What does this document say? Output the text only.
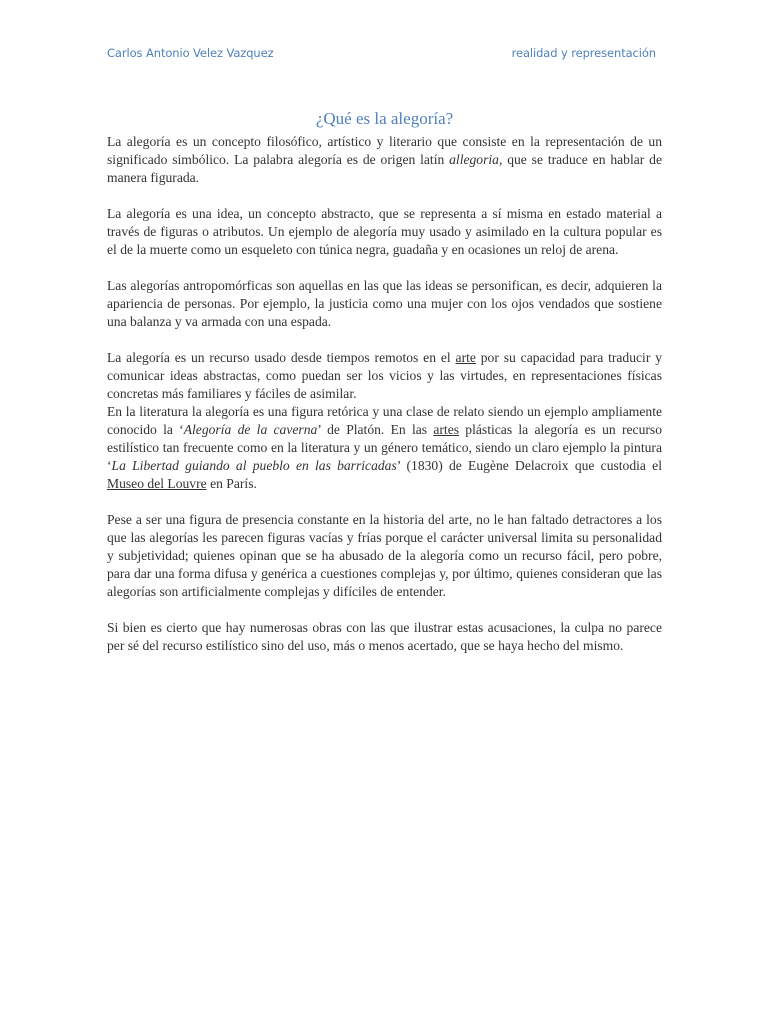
Carlos Antonio Velez Vazquez	realidad y representación
¿Qué es la alegoría?

La alegoría es un concepto filosófico, artístico y literario que consiste en la representación de un significado simbólico. La palabra alegoría es de origen latín allegoria, que se traduce en hablar de manera figurada.

La alegoría es una idea, un concepto abstracto, que se representa a sí misma en estado material a través de figuras o atributos. Un ejemplo de alegoría muy usado y asimilado en la cultura popular es el de la muerte como un esqueleto con túnica negra, guadaña y en ocasiones un reloj de arena.

Las alegorías antropomórficas son aquellas en las que las ideas se personifican, es decir, adquieren la apariencia de personas. Por ejemplo, la justicia como una mujer con los ojos vendados que sostiene una balanza y va armada con una espada.

La alegoría es un recurso usado desde tiempos remotos en el arte por su capacidad para traducir y comunicar ideas abstractas, como puedan ser los vicios y las virtudes, en representaciones físicas concretas más familiares y fáciles de asimilar.

En la literatura la alegoría es una figura retórica y una clase de relato siendo un ejemplo ampliamente conocido la ‘Alegoría de la caverna’ de Platón. En las artes plásticas la alegoría es un recurso estilístico tan frecuente como en la literatura y un género temático, siendo un claro ejemplo la pintura ‘La Libertad guiando al pueblo en las barricadas’ (1830) de Eugène Delacroix que custodia el Museo del Louvre en París.

Pese a ser una figura de presencia constante en la historia del arte, no le han faltado detractores a los que las alegorías les parecen figuras vacías y frías porque el carácter universal limita su personalidad y subjetividad; quienes opinan que se ha abusado de la alegoría como un recurso fácil, pero pobre, para dar una forma difusa y genérica a cuestiones complejas y, por último, quienes consideran que las alegorías son artificialmente complejas y difíciles de entender.

Si bien es cierto que hay numerosas obras con las que ilustrar estas acusaciones, la culpa no parece per sé del recurso estilístico sino del uso, más o menos acertado, que se haya hecho del mismo.
